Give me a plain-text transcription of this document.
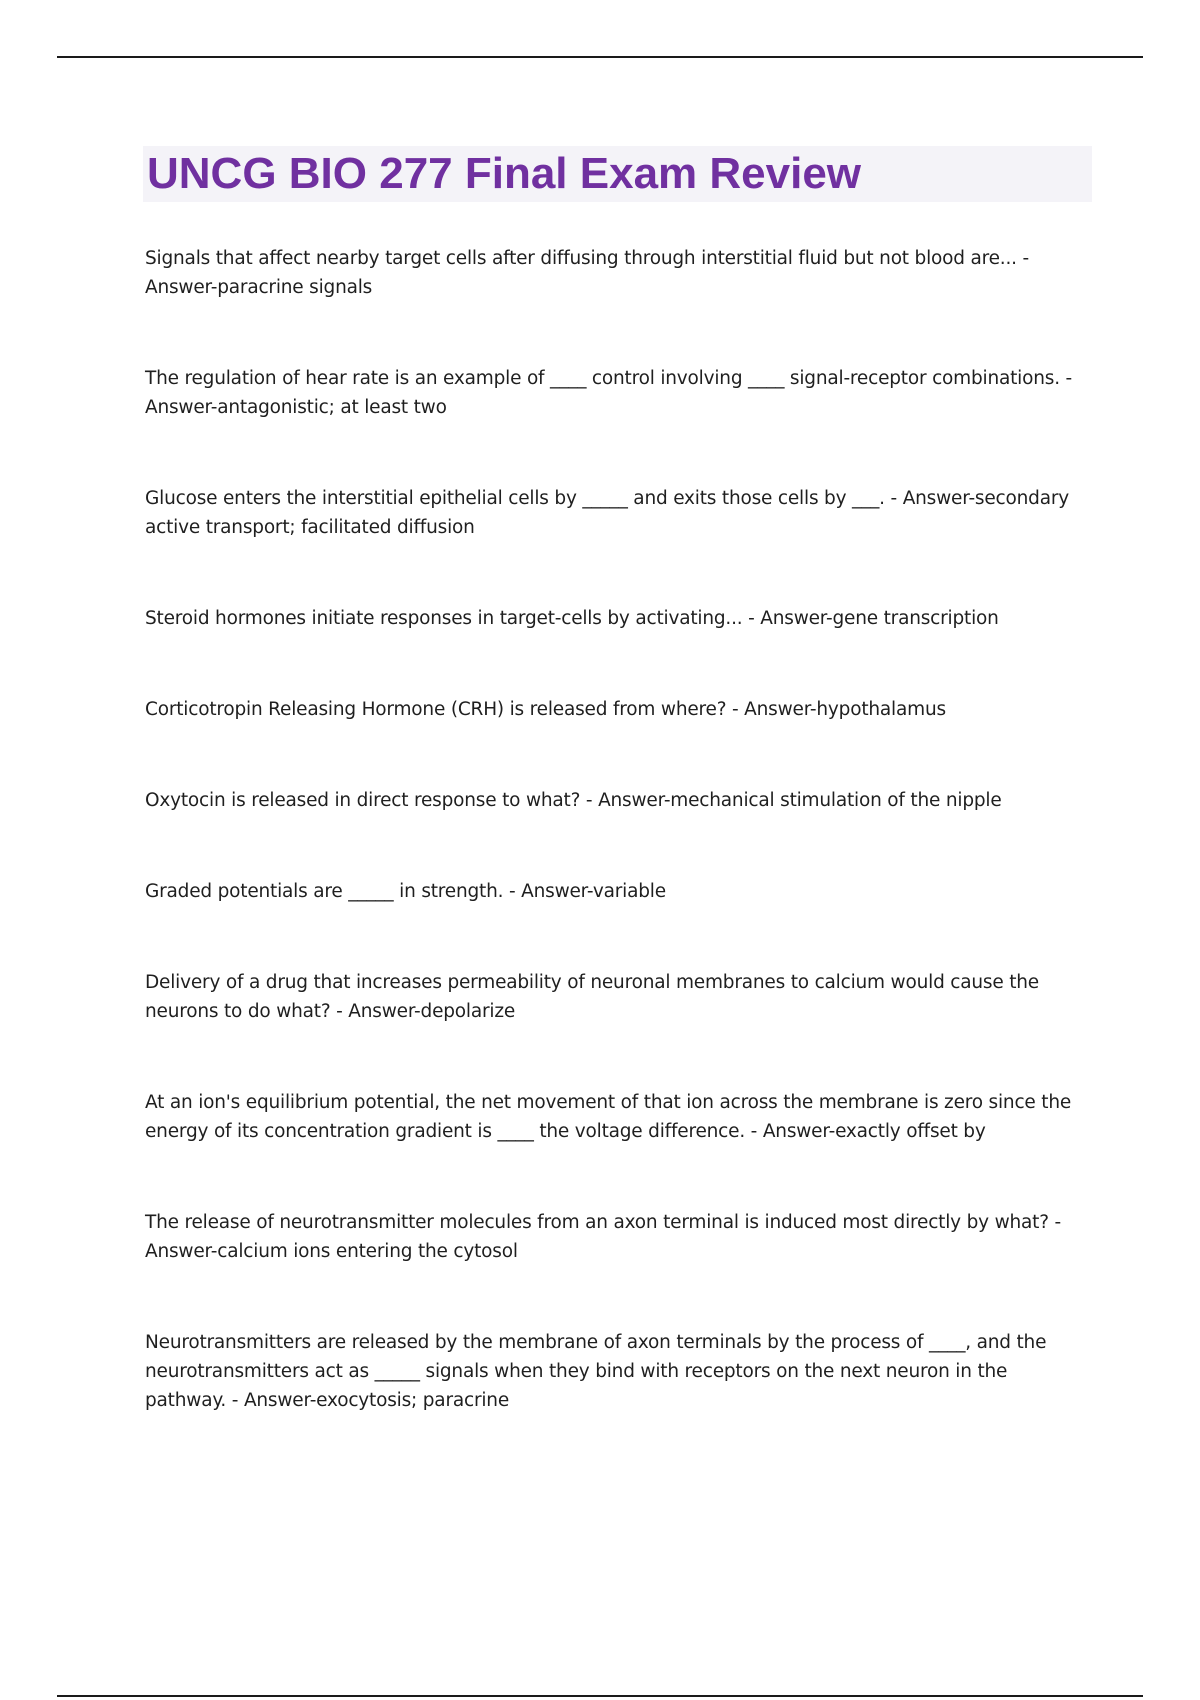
UNCG BIO 277 Final Exam Review

Signals that affect nearby target cells after diffusing through interstitial fluid but not blood are... - Answer-paracrine signals

The regulation of hear rate is an example of ____ control involving ____ signal-receptor combinations. - Answer-antagonistic; at least two

Glucose enters the interstitial epithelial cells by _____ and exits those cells by ___. - Answer-secondary active transport; facilitated diffusion

Steroid hormones initiate responses in target-cells by activating... - Answer-gene transcription

Corticotropin Releasing Hormone (CRH) is released from where? - Answer-hypothalamus

Oxytocin is released in direct response to what? - Answer-mechanical stimulation of the nipple

Graded potentials are _____ in strength. - Answer-variable

Delivery of a drug that increases permeability of neuronal membranes to calcium would cause the neurons to do what? - Answer-depolarize

At an ion's equilibrium potential, the net movement of that ion across the membrane is zero since the energy of its concentration gradient is ____ the voltage difference. - Answer-exactly offset by

The release of neurotransmitter molecules from an axon terminal is induced most directly by what? - Answer-calcium ions entering the cytosol

Neurotransmitters are released by the membrane of axon terminals by the process of ____, and the neurotransmitters act as _____ signals when they bind with receptors on the next neuron in the pathway. - Answer-exocytosis; paracrine
